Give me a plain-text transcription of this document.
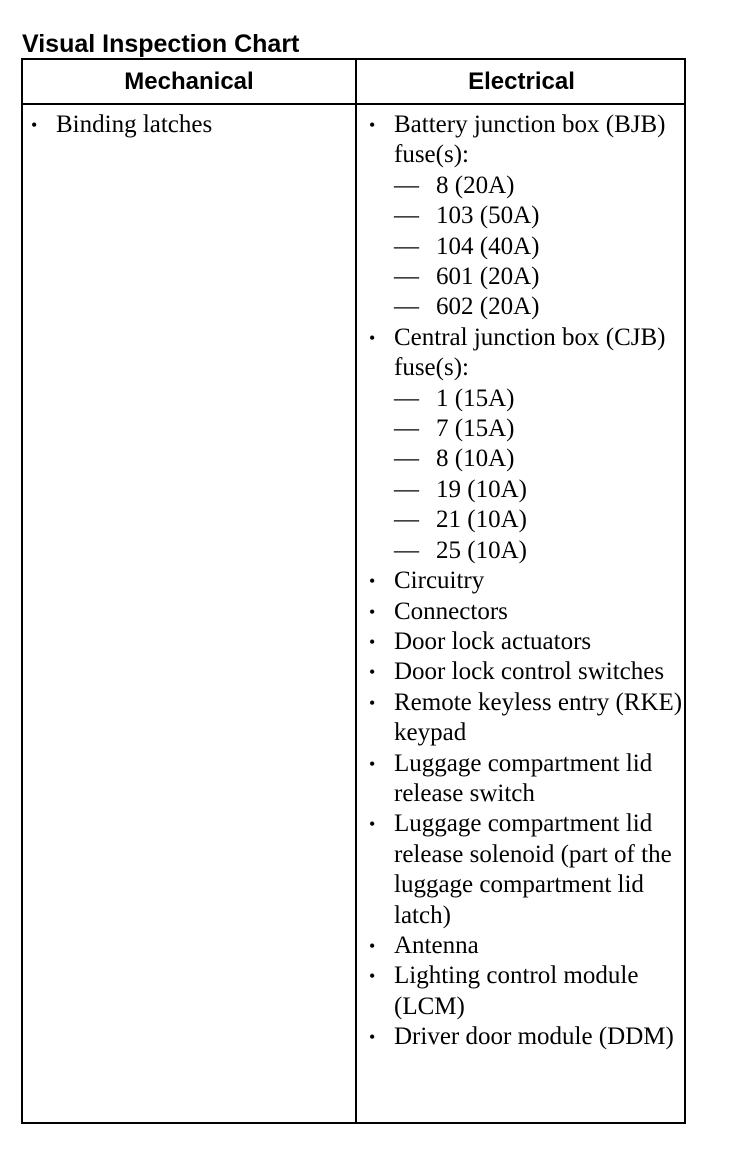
Visual Inspection Chart
Mechanical	Electrical
• Binding latches	• Battery junction box (BJB) fuse(s):
— 8 (20A)
— 103 (50A)
— 104 (40A)
— 601 (20A)
— 602 (20A)
• Central junction box (CJB) fuse(s):
— 1 (15A)
— 7 (15A)
— 8 (10A)
— 19 (10A)
— 21 (10A)
— 25 (10A)
• Circuitry
• Connectors
• Door lock actuators
• Door lock control switches
• Remote keyless entry (RKE) keypad
• Luggage compartment lid release switch
• Luggage compartment lid release solenoid (part of the luggage compartment lid latch)
• Antenna
• Lighting control module (LCM)
• Driver door module (DDM)
